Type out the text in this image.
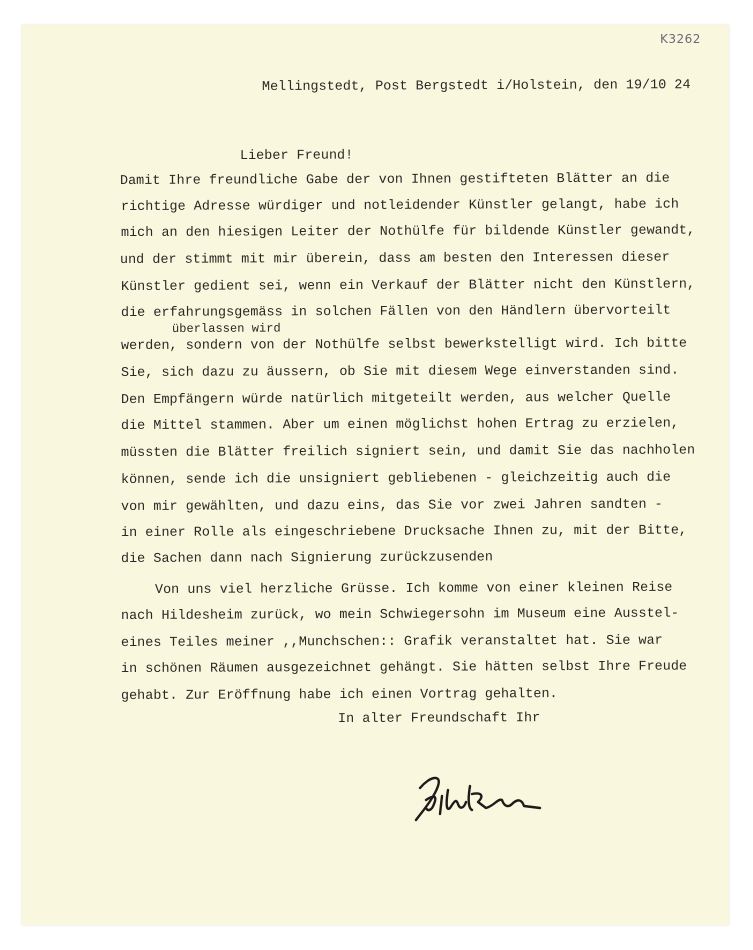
K3262
Mellingstedt, Post Bergstedt i/Holstein, den 19/10 24
Lieber Freund!
Damit Ihre freundliche Gabe der von Ihnen gestifteten Blätter an die
richtige Adresse würdiger und notleidender Künstler gelangt, habe ich
mich an den hiesigen Leiter der Nothülfe für bildende Künstler gewandt,
und der stimmt mit mir überein, dass am besten den Interessen dieser
Künstler gedient sei, wenn ein Verkauf der Blätter nicht den Künstlern,
die erfahrungsgemäss in solchen Fällen von den Händlern übervorteilt
überlassen wird
werden, sondern von der Nothülfe selbst bewerkstelligt wird. Ich bitte
Sie, sich dazu zu äussern, ob Sie mit diesem Wege einverstanden sind.
Den Empfängern würde natürlich mitgeteilt werden, aus welcher Quelle
die Mittel stammen. Aber um einen möglichst hohen Ertrag zu erzielen,
müssten die Blätter freilich signiert sein, und damit Sie das nachholen
können, sende ich die unsigniert gebliebenen - gleichzeitig auch die
von mir gewählten, und dazu eins, das Sie vor zwei Jahren sandten -
in einer Rolle als eingeschriebene Drucksache Ihnen zu, mit der Bitte,
die Sachen dann nach Signierung zurückzusenden
Von uns viel herzliche Grüsse. Ich komme von einer kleinen Reise
nach Hildesheim zurück, wo mein Schwiegersohn im Museum eine Ausstel-
eines Teiles meiner ,,Munchschen:: Grafik veranstaltet hat. Sie war
in schönen Räumen ausgezeichnet gehängt. Sie hätten selbst Ihre Freude
gehabt. Zur Eröffnung habe ich einen Vortrag gehalten.
In alter Freundschaft Ihr
